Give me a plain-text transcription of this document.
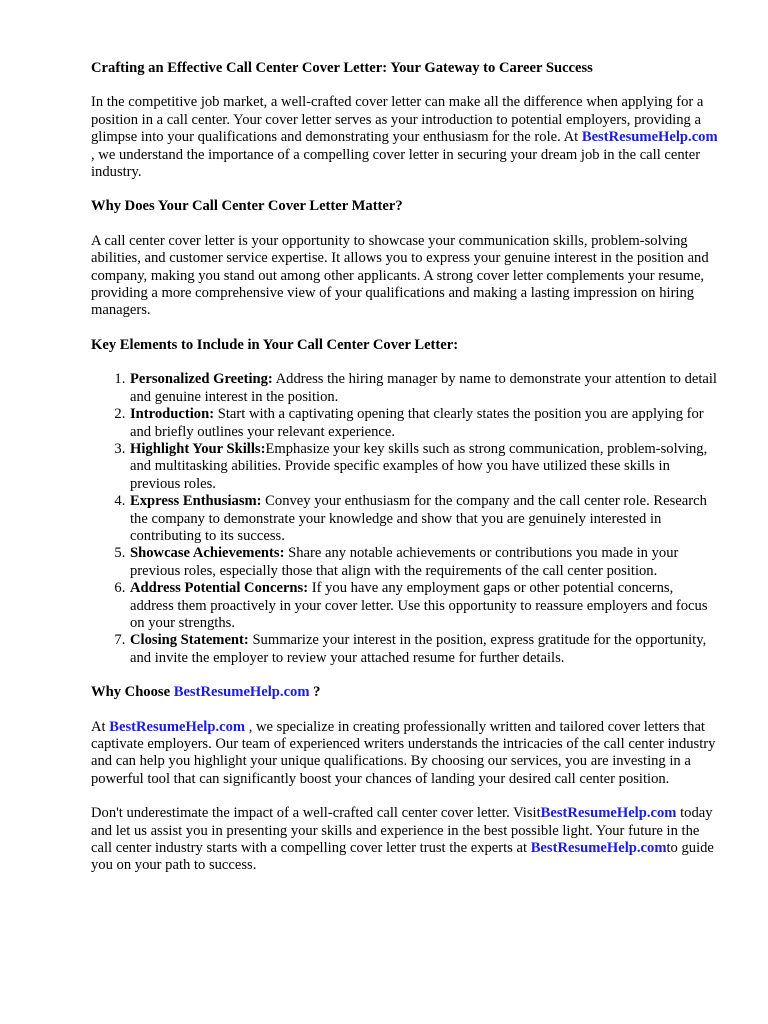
Crafting an Effective Call Center Cover Letter: Your Gateway to Career Success

In the competitive job market, a well-crafted cover letter can make all the difference when applying for a position in a call center. Your cover letter serves as your introduction to potential employers, providing a glimpse into your qualifications and demonstrating your enthusiasm for the role. At BestResumeHelp.com , we understand the importance of a compelling cover letter in securing your dream job in the call center industry.

Why Does Your Call Center Cover Letter Matter?

A call center cover letter is your opportunity to showcase your communication skills, problem-solving abilities, and customer service expertise. It allows you to express your genuine interest in the position and company, making you stand out among other applicants. A strong cover letter complements your resume, providing a more comprehensive view of your qualifications and making a lasting impression on hiring managers.

Key Elements to Include in Your Call Center Cover Letter:
1. Personalized Greeting: Address the hiring manager by name to demonstrate your attention to detail and genuine interest in the position.
2. Introduction: Start with a captivating opening that clearly states the position you are applying for and briefly outlines your relevant experience.
3. Highlight Your Skills:Emphasize your key skills such as strong communication, problem-solving, and multitasking abilities. Provide specific examples of how you have utilized these skills in previous roles.
4. Express Enthusiasm: Convey your enthusiasm for the company and the call center role. Research the company to demonstrate your knowledge and show that you are genuinely interested in contributing to its success.
5. Showcase Achievements: Share any notable achievements or contributions you made in your previous roles, especially those that align with the requirements of the call center position.
6. Address Potential Concerns: If you have any employment gaps or other potential concerns, address them proactively in your cover letter. Use this opportunity to reassure employers and focus on your strengths.
7. Closing Statement: Summarize your interest in the position, express gratitude for the opportunity, and invite the employer to review your attached resume for further details.
Why Choose BestResumeHelp.com ?

At BestResumeHelp.com , we specialize in creating professionally written and tailored cover letters that captivate employers. Our team of experienced writers understands the intricacies of the call center industry and can help you highlight your unique qualifications. By choosing our services, you are investing in a powerful tool that can significantly boost your chances of landing your desired call center position.

Don't underestimate the impact of a well-crafted call center cover letter. VisitBestResumeHelp.com today and let us assist you in presenting your skills and experience in the best possible light. Your future in the call center industry starts with a compelling cover letter trust the experts at BestResumeHelp.comto guide you on your path to success.
